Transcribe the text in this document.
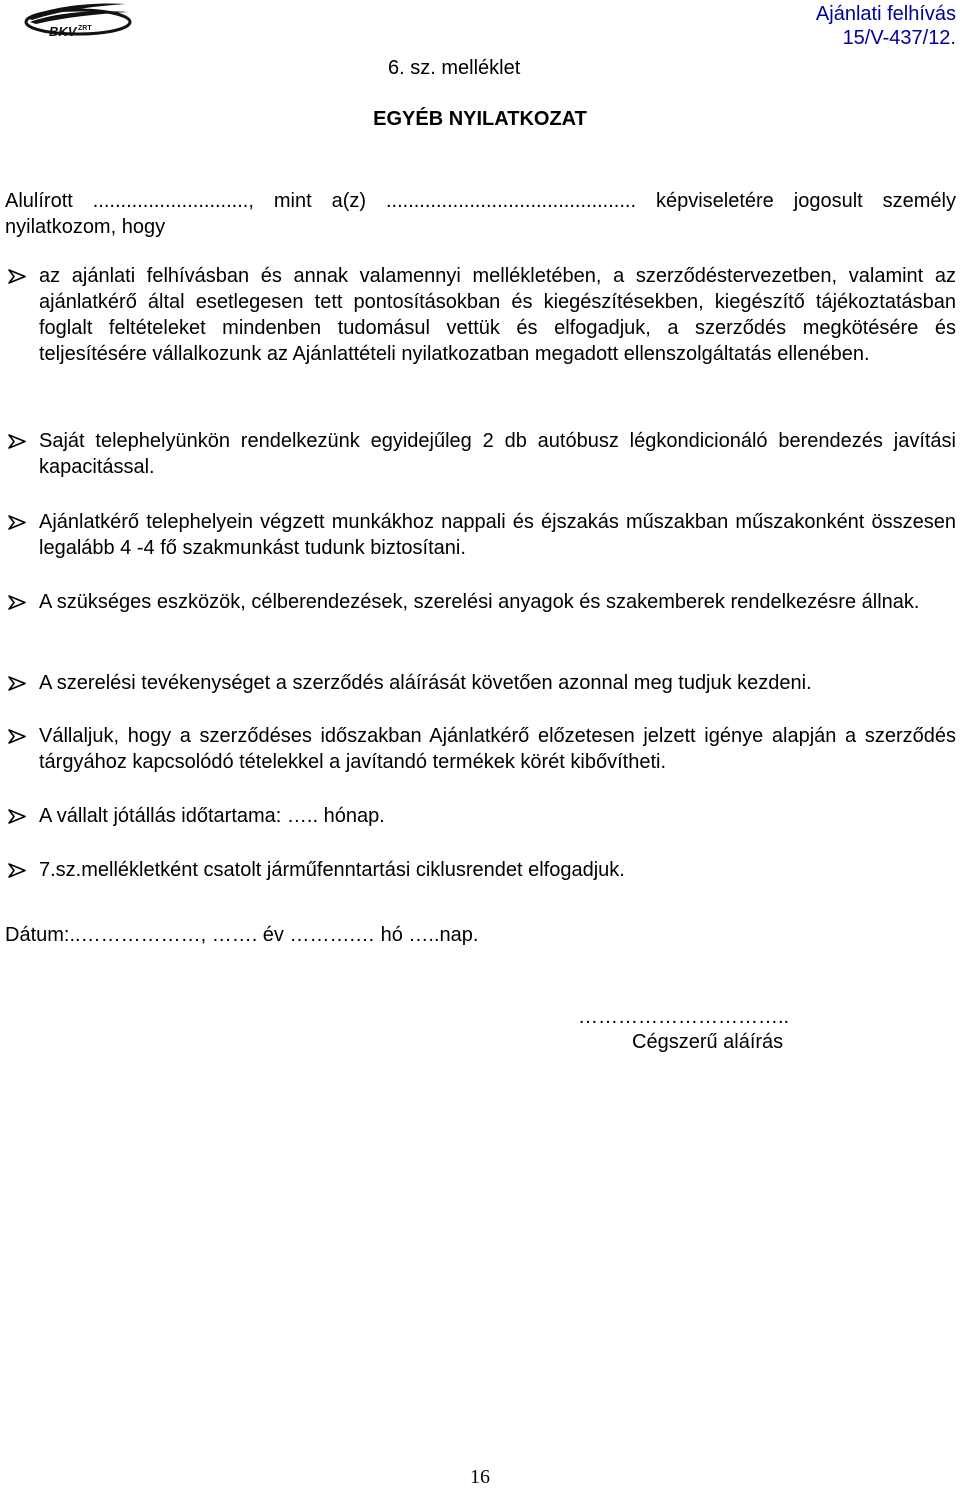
BKV ZRT
Ajánlati felhívás
15/V-437/12.
6. sz. melléklet
EGYÉB NYILATKOZAT
Alulírott ............................, mint a(z) ............................................. képviseletére jogosult személy nyilatkozom, hogy
az ajánlati felhívásban és annak valamennyi mellékletében, a szerződéstervezetben, valamint az ajánlatkérő által esetlegesen tett pontosításokban és kiegészítésekben, kiegészítő tájékoztatásban foglalt feltételeket mindenben tudomásul vettük és elfogadjuk, a szerződés megkötésére és teljesítésére vállalkozunk az Ajánlattételi nyilatkozatban megadott ellenszolgáltatás ellenében.
Saját telephelyünkön rendelkezünk egyidejűleg 2 db autóbusz légkondicionáló berendezés javítási kapacitással.
Ajánlatkérő telephelyein végzett munkákhoz nappali és éjszakás műszakban műszakonként összesen legalább 4 -4 fő szakmunkást tudunk biztosítani.
A szükséges eszközök, célberendezések, szerelési anyagok és szakemberek rendelkezésre állnak.
A szerelési tevékenységet a szerződés aláírását követően azonnal meg tudjuk kezdeni.
Vállaljuk, hogy a szerződéses időszakban Ajánlatkérő előzetesen jelzett igénye alapján a szerződés tárgyához kapcsolódó tételekkel a javítandó termékek körét kibővítheti.
A vállalt jótállás időtartama: ….. hónap.
7.sz.mellékletként csatolt járműfenntartási ciklusrendet elfogadjuk.
Dátum:..………………, ……. év ……….… hó …..nap.
…………………………..
Cégszerű aláírás
16
